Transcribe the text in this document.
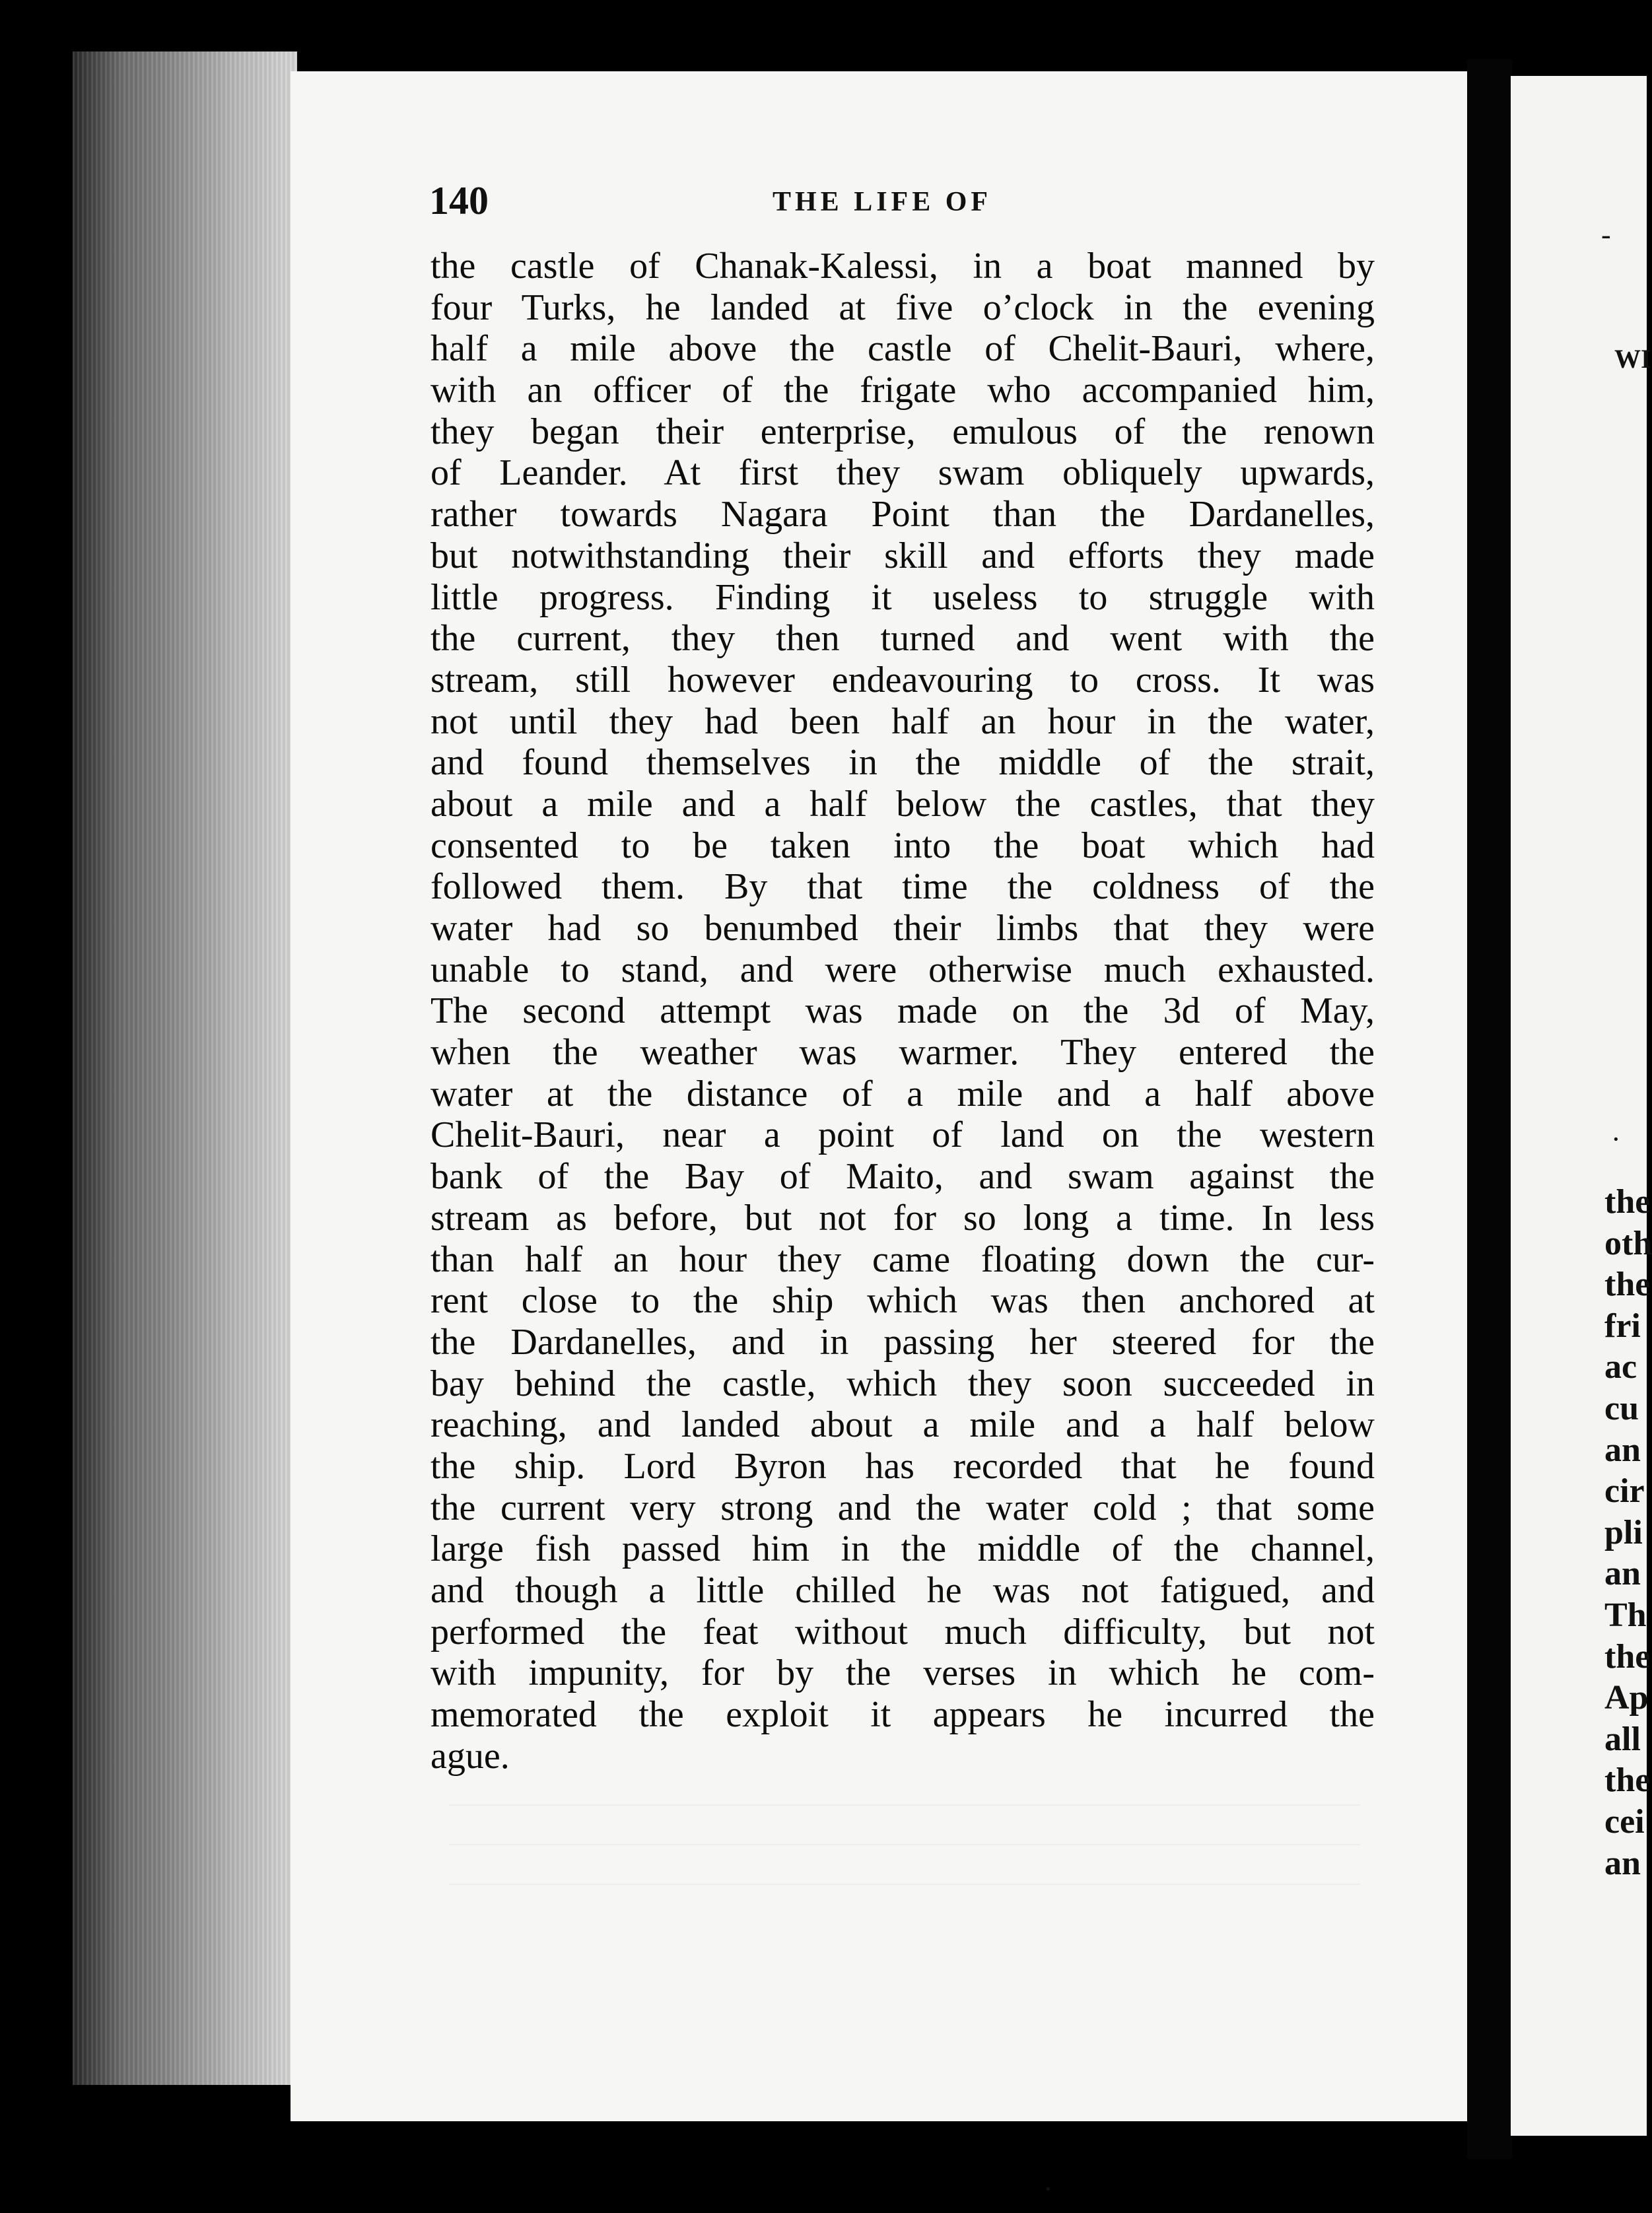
140	THE LIFE OF
the castle of Chanak-Kalessi, in a boat manned by
four Turks, he landed at five o’clock in the evening
half a mile above the castle of Chelit-Bauri, where,
with an officer of the frigate who accompanied him,
they began their enterprise, emulous of the renown
of Leander. At first they swam obliquely upwards,
rather towards Nagara Point than the Dardanelles,
but notwithstanding their skill and efforts they made
little progress. Finding it useless to struggle with
the current, they then turned and went with the
stream, still however endeavouring to cross. It was
not until they had been half an hour in the water,
and found themselves in the middle of the strait,
about a mile and a half below the castles, that they
consented to be taken into the boat which had
followed them. By that time the coldness of the
water had so benumbed their limbs that they were
unable to stand, and were otherwise much exhausted.
The second attempt was made on the 3d of May,
when the weather was warmer. They entered the
water at the distance of a mile and a half above
Chelit-Bauri, near a point of land on the western
bank of the Bay of Maito, and swam against the
stream as before, but not for so long a time. In less
than half an hour they came floating down the cur-
rent close to the ship which was then anchored at
the Dardanelles, and in passing her steered for the
bay behind the castle, which they soon succeeded in
reaching, and landed about a mile and a half below
the ship. Lord Byron has recorded that he found
the current very strong and the water cold ; that some
large fish passed him in the middle of the channel,
and though a little chilled he was not fatigued, and
performed the feat without much difficulty, but not
with impunity, for by the verses in which he com-
memorated the exploit it appears he incurred the
ague.
WI
the
oth
the
fri
ac
cu
an
cir
pli
an
Th
the
Ap
all
the
cei
an
-
·
·
